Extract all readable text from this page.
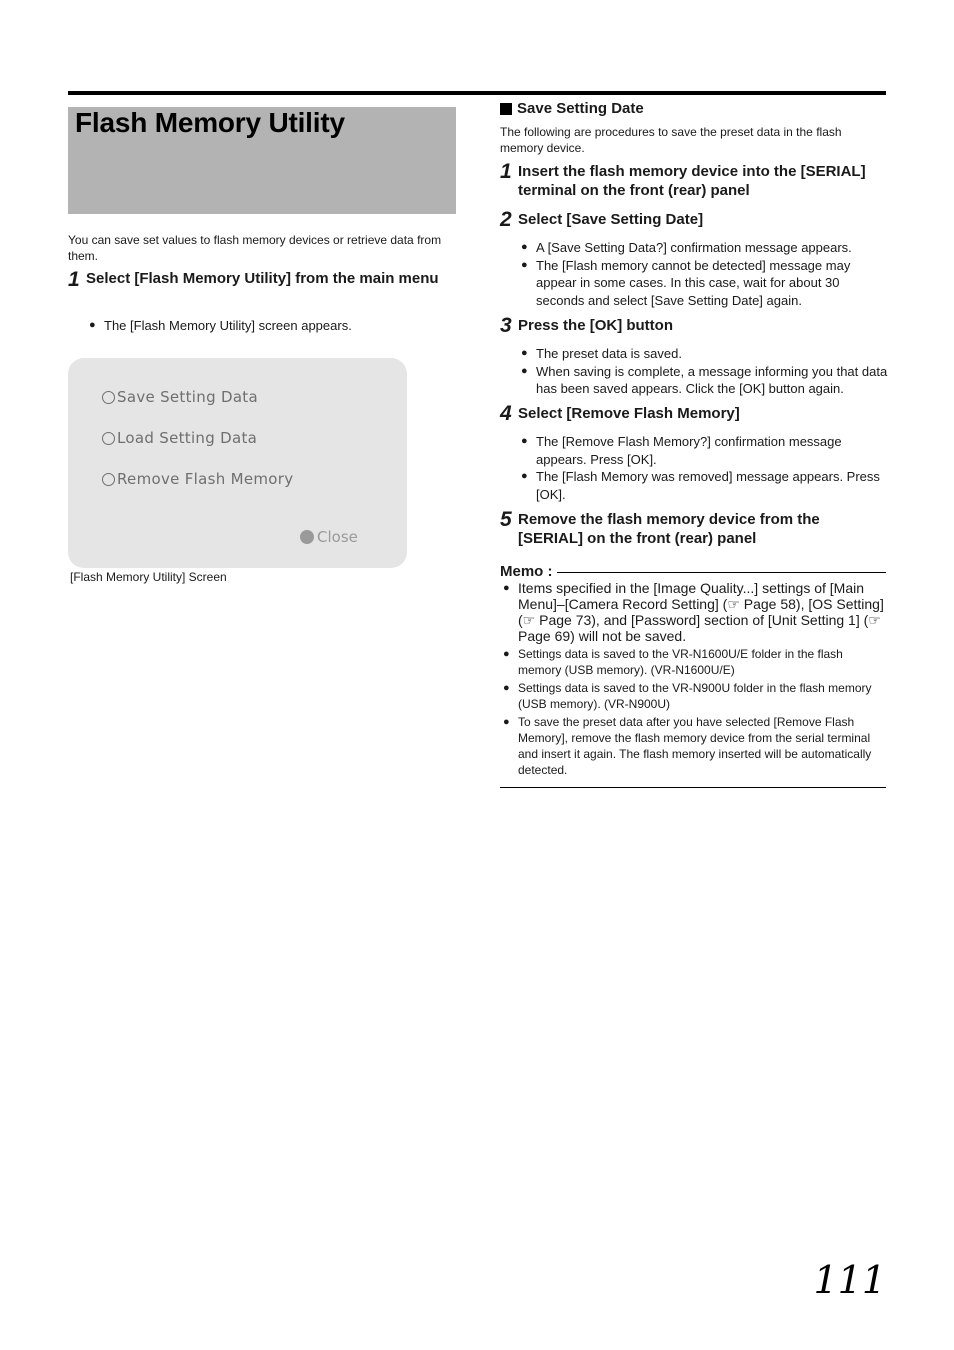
Flash Memory Utility
You can save set values to flash memory devices or retrieve data from them.
1 Select [Flash Memory Utility] from the main menu
● The [Flash Memory Utility] screen appears.
Save Setting Data
Load Setting Data
Remove Flash Memory
Close
[Flash Memory Utility] Screen
Save Setting Date
The following are procedures to save the preset data in the flash memory device.
1 Insert the flash memory device into the [SERIAL] terminal on the front (rear) panel
2 Select [Save Setting Date]
● A [Save Setting Data?] confirmation message appears.
● The [Flash memory cannot be detected] message may appear in some cases. In this case, wait for about 30 seconds and select [Save Setting Date] again.
3 Press the [OK] button
● The preset data is saved.
● When saving is complete, a message informing you that data has been saved appears. Click the [OK] button again.
4 Select [Remove Flash Memory]
● The [Remove Flash Memory?] confirmation message appears. Press [OK].
● The [Flash Memory was removed] message appears. Press [OK].
5 Remove the flash memory device from the [SERIAL] on the front (rear) panel
Memo :
● Items specified in the [Image Quality...] settings of [Main Menu]–[Camera Record Setting] (☞ Page 58), [OS Setting](☞ Page 73), and [Password] section of [Unit Setting 1] (☞ Page 69) will not be saved.
● Settings data is saved to the VR-N1600U/E folder in the flash memory (USB memory). (VR-N1600U/E)
● Settings data is saved to the VR-N900U folder in the flash memory (USB memory). (VR-N900U)
● To save the preset data after you have selected [Remove Flash Memory], remove the flash memory device from the serial terminal and insert it again. The flash memory inserted will be automatically detected.
111
